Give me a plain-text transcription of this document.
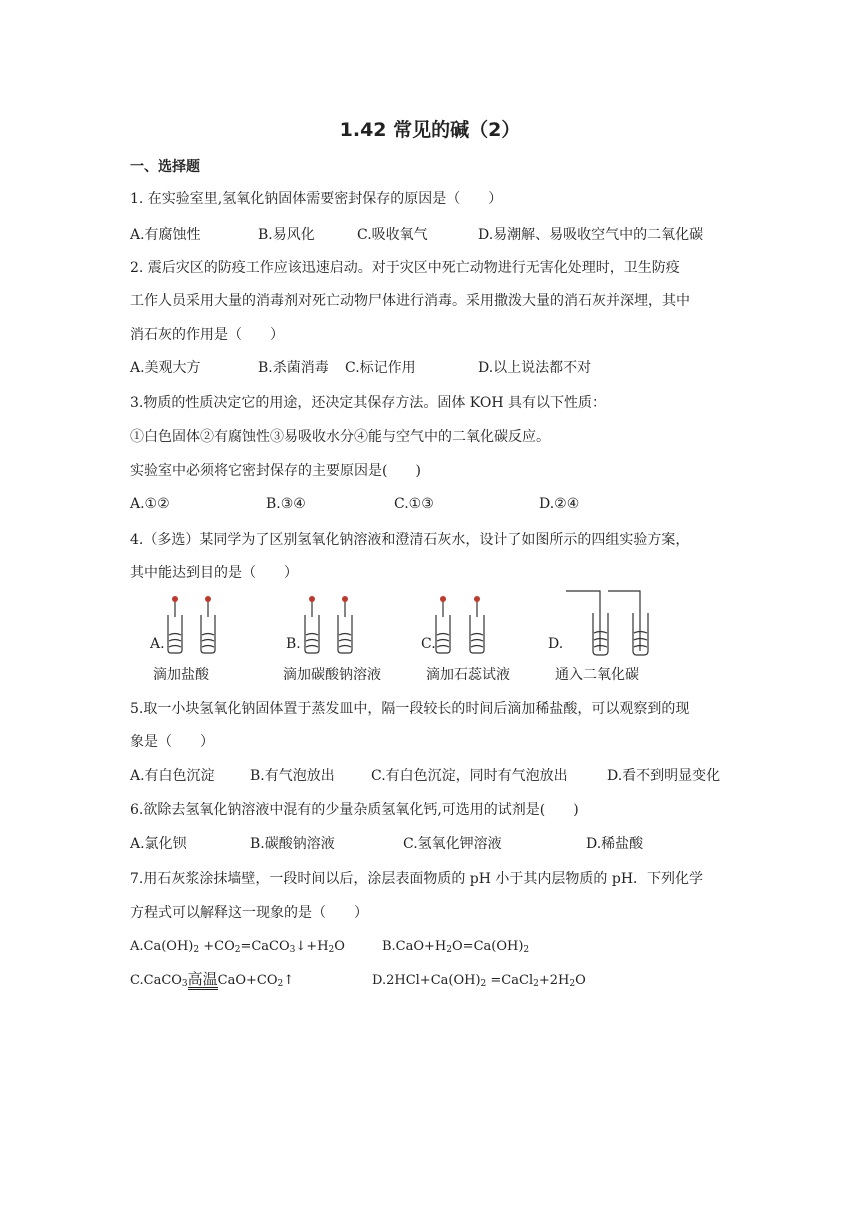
1.42 常见的碱（2）
一、选择题
1. 在实验室里,氢氧化钠固体需要密封保存的原因是（　　）
A.有腐蚀性	B.易风化	C.吸收氧气	D.易潮解、易吸收空气中的二氧化碳
2. 震后灾区的防疫工作应该迅速启动。对于灾区中死亡动物进行无害化处理时，卫生防疫
工作人员采用大量的消毒剂对死亡动物尸体进行消毒。采用撒泼大量的消石灰并深埋，其中
消石灰的作用是（　　）
A.美观大方	B.杀菌消毒 C.标记作用	D.以上说法都不对
3.物质的性质决定它的用途，还决定其保存方法。固体 KOH 具有以下性质：
①白色固体②有腐蚀性③易吸收水分④能与空气中的二氧化碳反应。
实验室中必须将它密封保存的主要原因是(　　)
A.①②	B.③④	C.①③	D.②④
4.（多选）某同学为了区别氢氧化钠溶液和澄清石灰水，设计了如图所示的四组实验方案，
其中能达到目的是（　　）
A.
滴加盐酸
B.
滴加碳酸钠溶液
C.
滴加石蕊试液
D.
通入二氧化碳
5.取一小块氢氧化钠固体置于蒸发皿中，隔一段较长的时间后滴加稀盐酸，可以观察到的现
象是（　　）
A.有白色沉淀	B.有气泡放出	C.有白色沉淀，同时有气泡放出	D.看不到明显变化
6.欲除去氢氧化钠溶液中混有的少量杂质氢氧化钙,可选用的试剂是(　　)
A.氯化钡	B.碳酸钠溶液	C.氢氧化钾溶液	D.稀盐酸
7.用石灰浆涂抹墙壁，一段时间以后，涂层表面物质的 pH 小于其内层物质的 pH．下列化学
方程式可以解释这一现象的是（　　）
$A.Ca(OH)_2$ $+CO_2=CaCO_3↓+H_2O$	$B.CaO+H_2O=Ca(OH)_2$
C.CaCO$_3$高温$CaO+CO_2↑$	$D.2HCl+Ca(OH)_2$ $=CaCl_2+2H_2O$
